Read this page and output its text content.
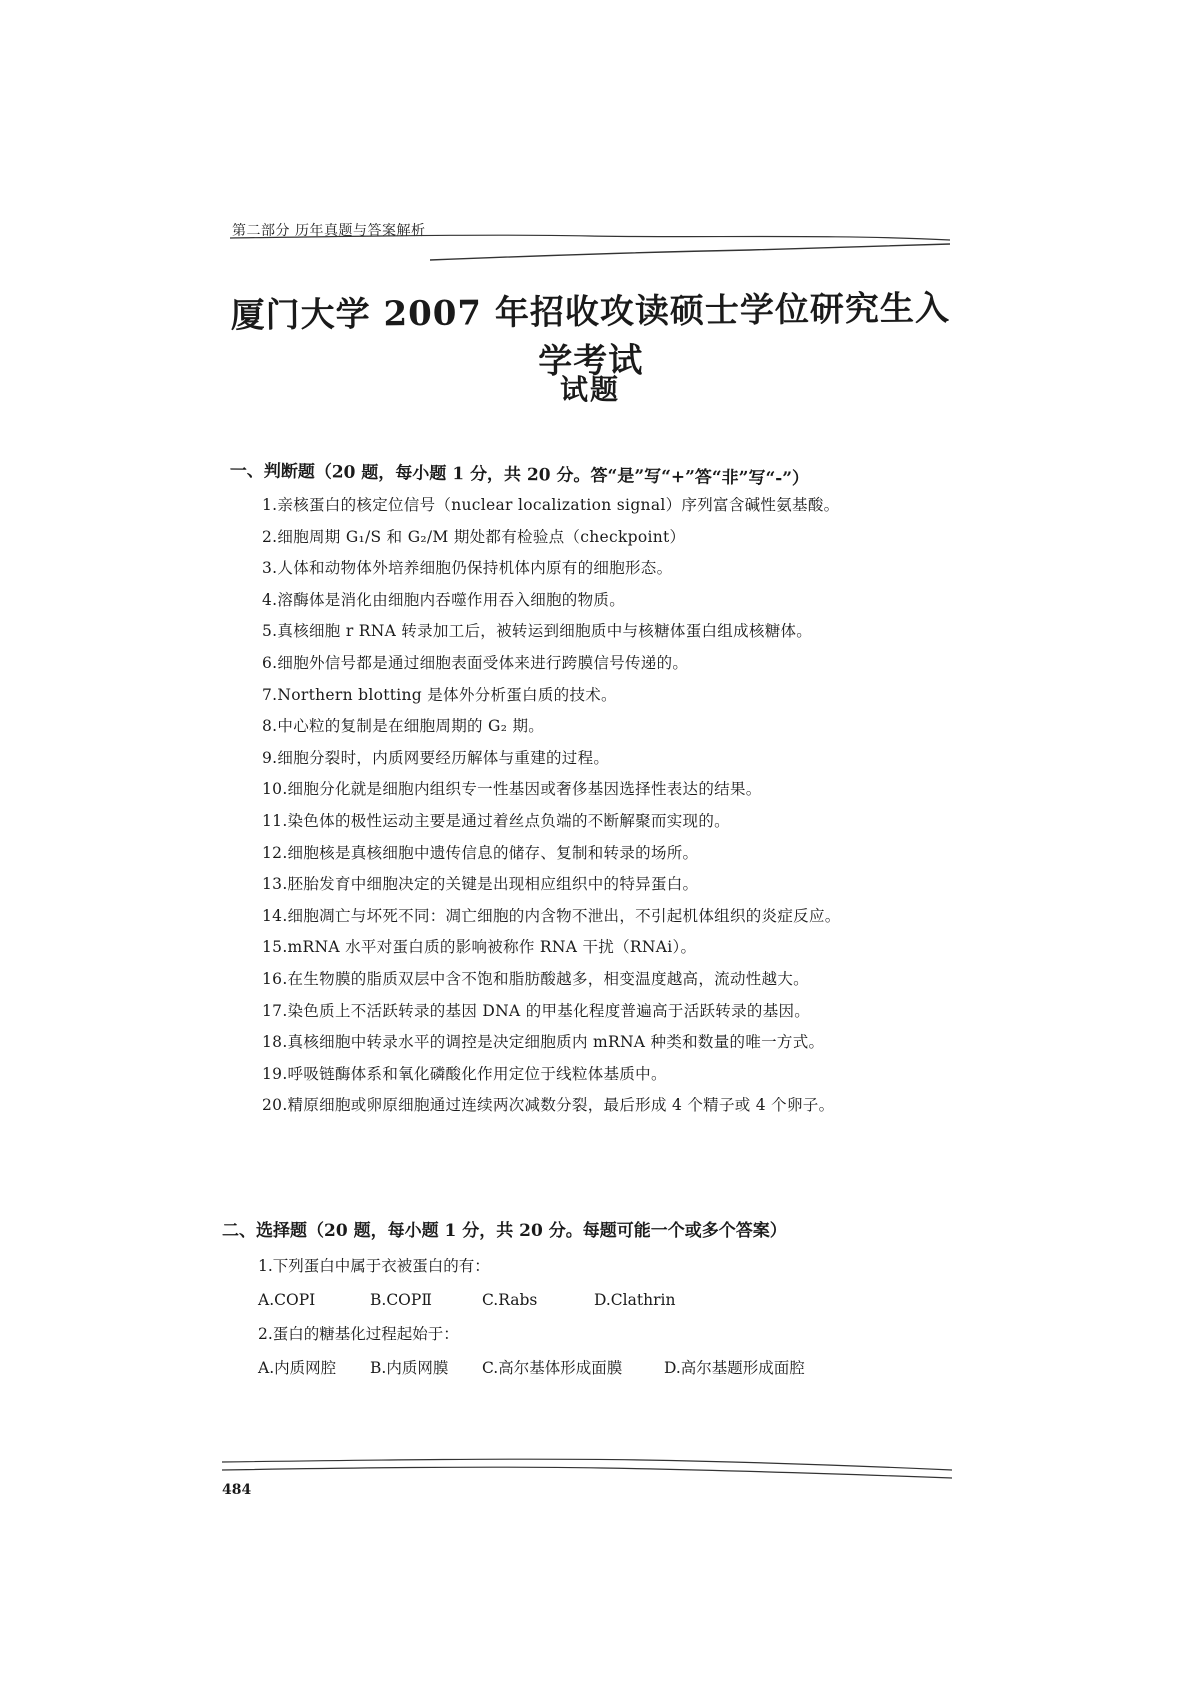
第二部分 历年真题与答案解析
厦门大学 2007 年招收攻读硕士学位研究生入学考试
试题
一、判断题（20 题，每小题 1 分，共 20 分。答“是”写“+”答“非”写“-”）
1.亲核蛋白的核定位信号（nuclear localization signal）序列富含碱性氨基酸。
2.细胞周期 G₁/S 和 G₂/M 期处都有检验点（checkpoint）
3.人体和动物体外培养细胞仍保持机体内原有的细胞形态。
4.溶酶体是消化由细胞内吞噬作用吞入细胞的物质。
5.真核细胞 r RNA 转录加工后，被转运到细胞质中与核糖体蛋白组成核糖体。
6.细胞外信号都是通过细胞表面受体来进行跨膜信号传递的。
7.Northern blotting 是体外分析蛋白质的技术。
8.中心粒的复制是在细胞周期的 G₂ 期。
9.细胞分裂时，内质网要经历解体与重建的过程。
10.细胞分化就是细胞内组织专一性基因或奢侈基因选择性表达的结果。
11.染色体的极性运动主要是通过着丝点负端的不断解聚而实现的。
12.细胞核是真核细胞中遗传信息的储存、复制和转录的场所。
13.胚胎发育中细胞决定的关键是出现相应组织中的特异蛋白。
14.细胞凋亡与坏死不同：凋亡细胞的内含物不泄出，不引起机体组织的炎症反应。
15.mRNA 水平对蛋白质的影响被称作 RNA 干扰（RNAi）。
16.在生物膜的脂质双层中含不饱和脂肪酸越多，相变温度越高，流动性越大。
17.染色质上不活跃转录的基因 DNA 的甲基化程度普遍高于活跃转录的基因。
18.真核细胞中转录水平的调控是决定细胞质内 mRNA 种类和数量的唯一方式。
19.呼吸链酶体系和氧化磷酸化作用定位于线粒体基质中。
20.精原细胞或卵原细胞通过连续两次减数分裂，最后形成 4 个精子或 4 个卵子。
二、选择题（20 题，每小题 1 分，共 20 分。每题可能一个或多个答案）
1.下列蛋白中属于衣被蛋白的有：
A.COPⅠ	B.COPⅡ	C.Rabs	D.Clathrin
2.蛋白的糖基化过程起始于：
A.内质网腔	B.内质网膜	C.高尔基体形成面膜	D.高尔基题形成面腔
484
